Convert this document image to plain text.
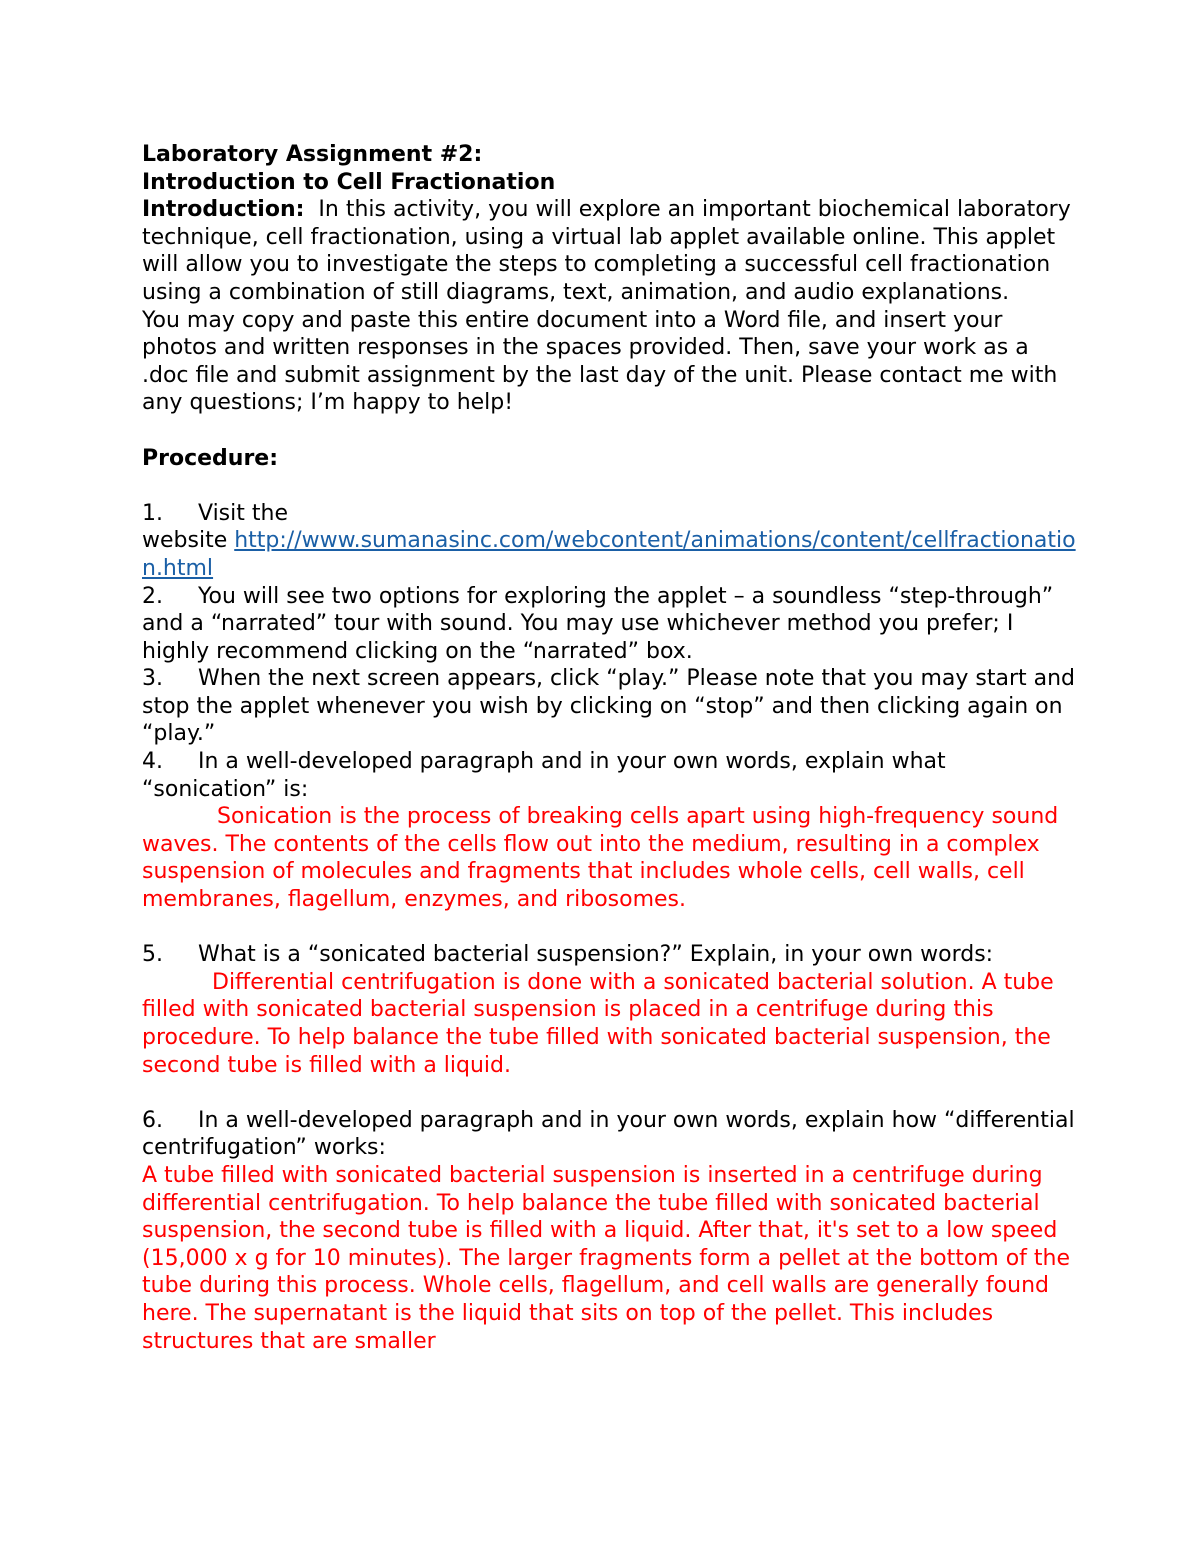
Laboratory Assignment #2:

Introduction to Cell Fractionation

Introduction: In this activity, you will explore an important biochemical laboratory technique, cell fractionation, using a virtual lab applet available online. This applet will allow you to investigate the steps to completing a successful cell fractionation using a combination of still diagrams, text, animation, and audio explanations.

You may copy and paste this entire document into a Word file, and insert your photos and written responses in the spaces provided. Then, save your work as a .doc file and submit assignment by the last day of the unit. Please contact me with any questions; I’m happy to help!

Procedure:

1. Visit the

website http://www.sumanasinc.com/webcontent/animations/content/cellfractionation.html

2. You will see two options for exploring the applet – a soundless “step-through” and a “narrated” tour with sound. You may use whichever method you prefer; I highly recommend clicking on the “narrated” box.

3. When the next screen appears, click “play.” Please note that you may start and stop the applet whenever you wish by clicking on “stop” and then clicking again on “play.”

4. In a well-developed paragraph and in your own words, explain what “sonication” is:

Sonication is the process of breaking cells apart using high-frequency sound waves. The contents of the cells flow out into the medium, resulting in a complex suspension of molecules and fragments that includes whole cells, cell walls, cell membranes, flagellum, enzymes, and ribosomes.

5. What is a “sonicated bacterial suspension?” Explain, in your own words:

Differential centrifugation is done with a sonicated bacterial solution. A tube filled with sonicated bacterial suspension is placed in a centrifuge during this procedure. To help balance the tube filled with sonicated bacterial suspension, the second tube is filled with a liquid.

6. In a well-developed paragraph and in your own words, explain how “differential centrifugation” works:

A tube filled with sonicated bacterial suspension is inserted in a centrifuge during differential centrifugation. To help balance the tube filled with sonicated bacterial suspension, the second tube is filled with a liquid. After that, it's set to a low speed (15,000 x g for 10 minutes). The larger fragments form a pellet at the bottom of the tube during this process. Whole cells, flagellum, and cell walls are generally found here. The supernatant is the liquid that sits on top of the pellet. This includes structures that are smaller
